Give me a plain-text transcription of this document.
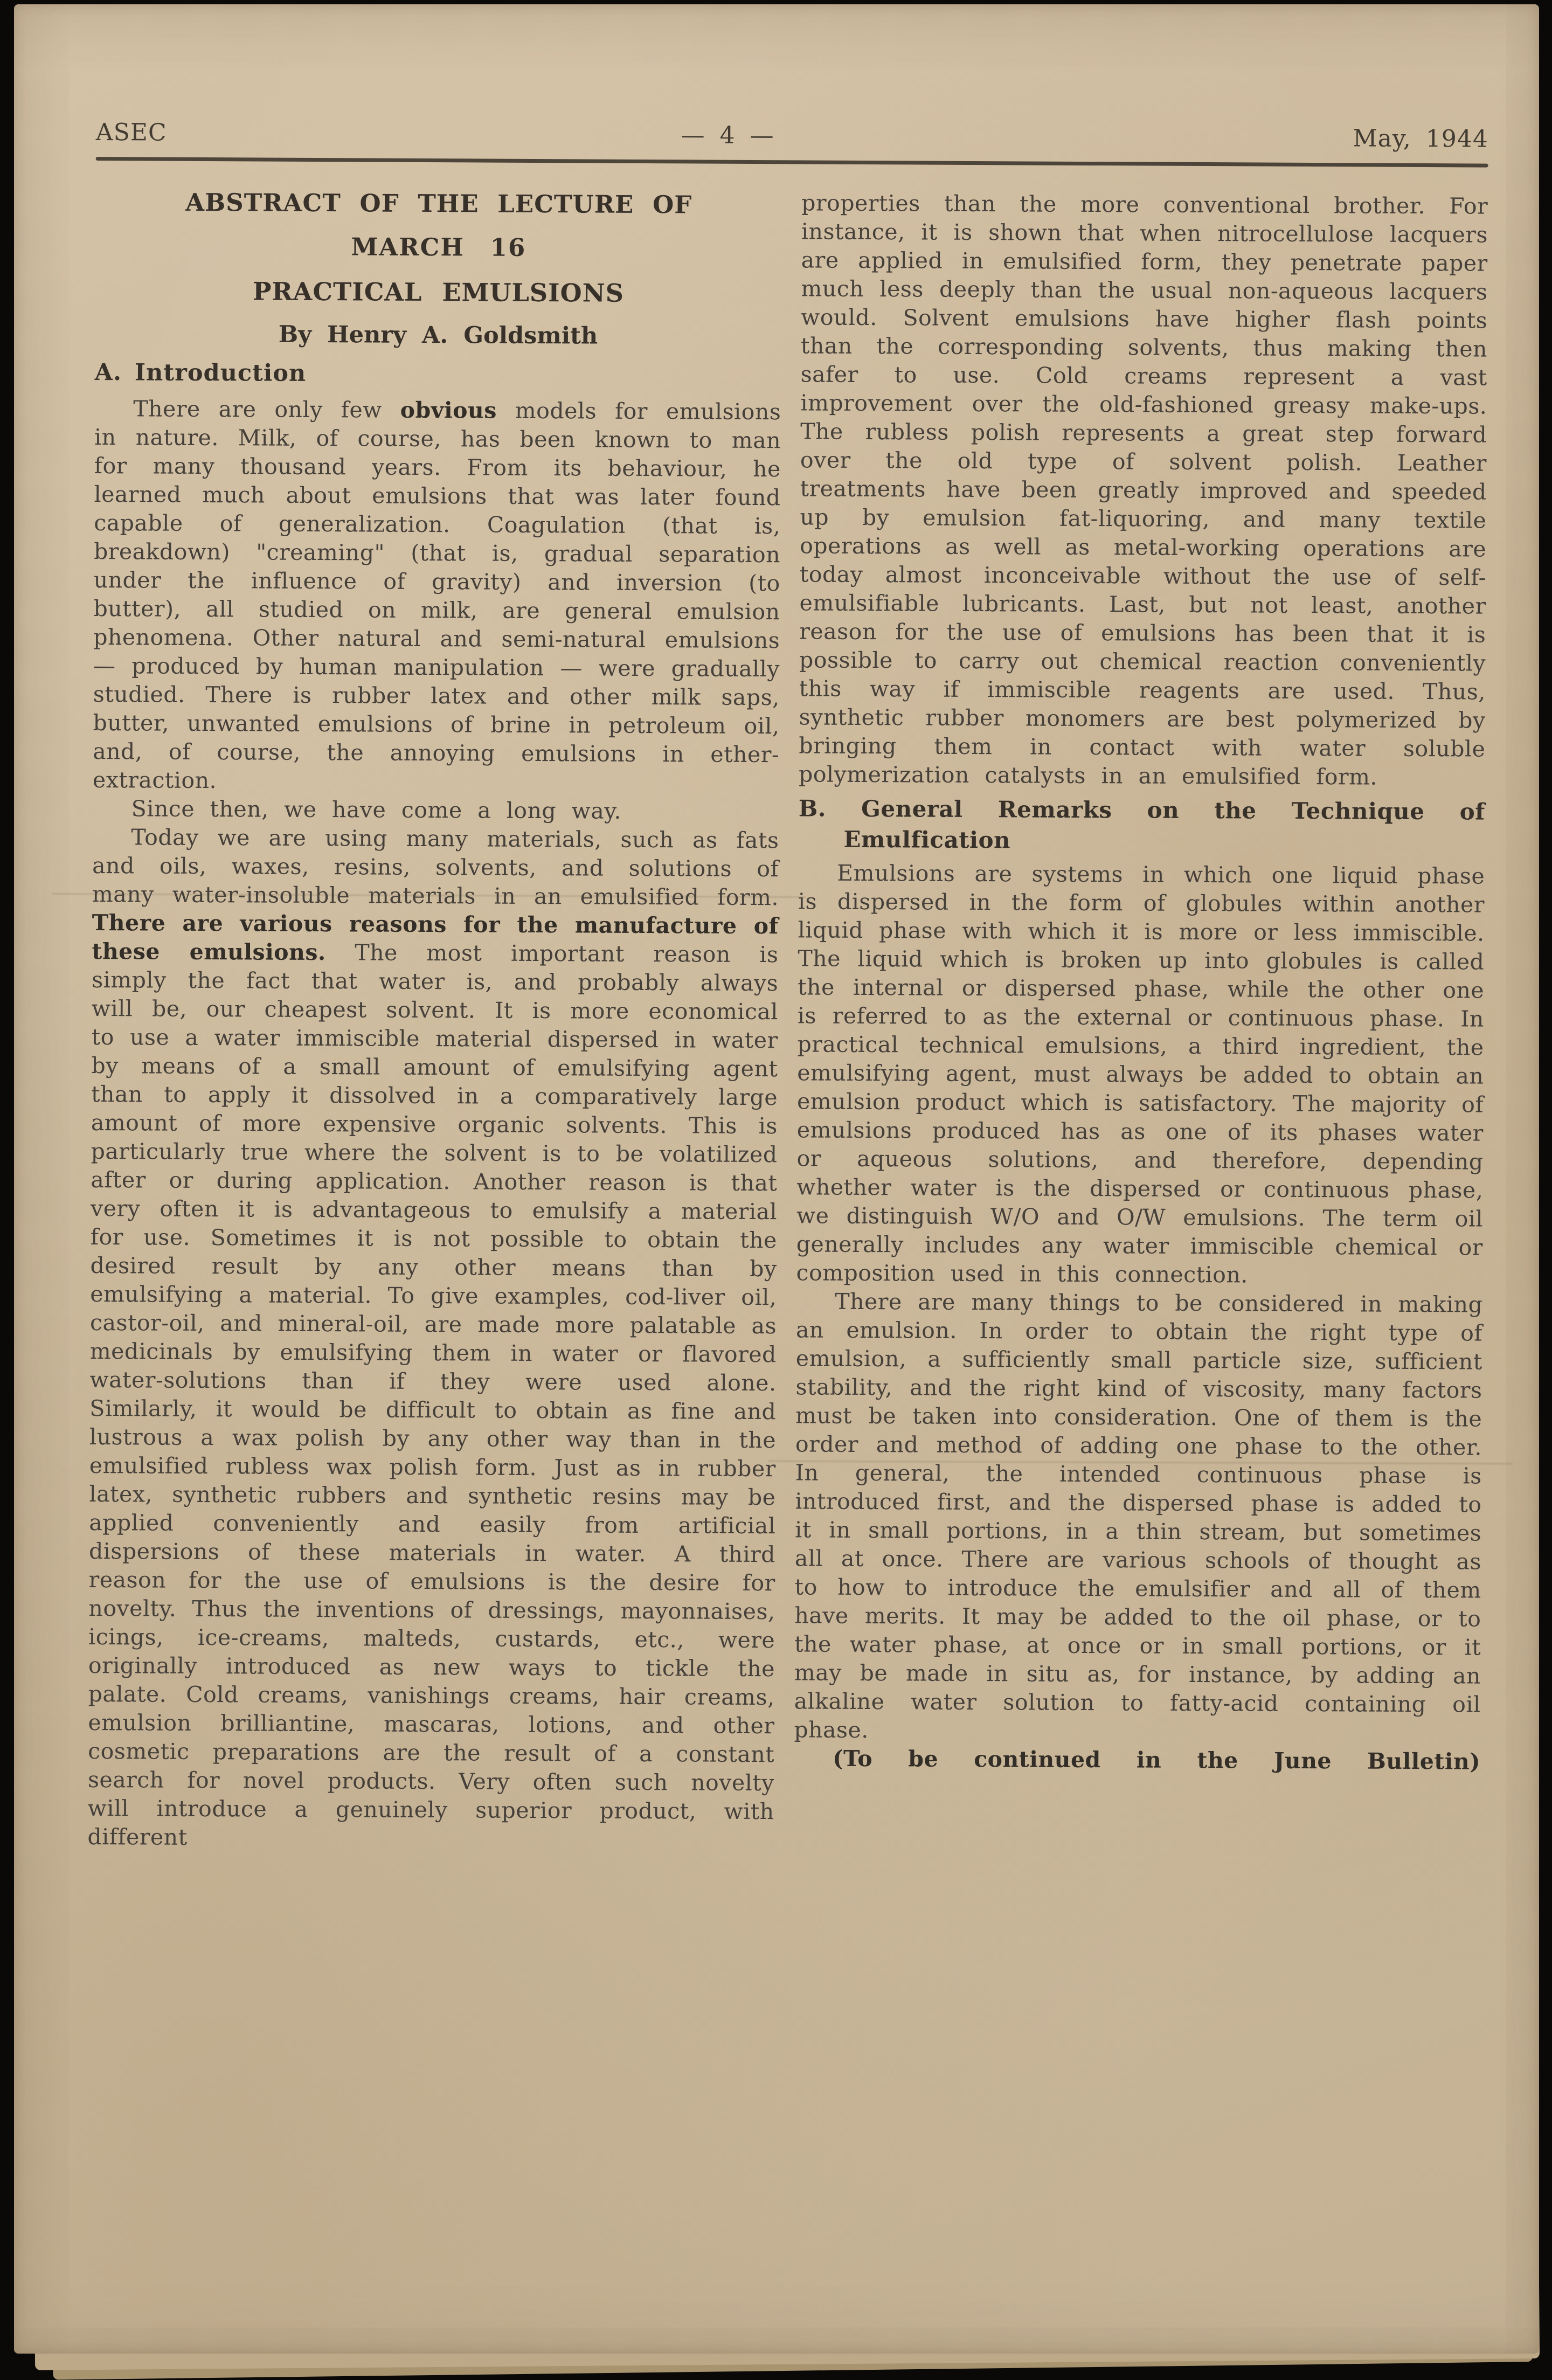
ASEC	— 4 —	May, 1944
ABSTRACT OF THE LECTURE OF
MARCH 16
PRACTICAL EMULSIONS
By Henry A. Goldsmith
A. Introduction

There are only few obvious models for emulsions in nature. Milk, of course, has been known to man for many thousand years. From its behaviour, he learned much about emulsions that was later found capable of generalization. Coagulation (that is, breakdown) "creaming" (that is, gradual separation under the influence of gravity) and inversion (to butter), all studied on milk, are general emulsion phenomena. Other natural and semi-natural emulsions — produced by human manipulation — were gradually studied. There is rubber latex and other milk saps, butter, unwanted emulsions of brine in petroleum oil, and, of course, the annoying emulsions in ether-extraction.

Since then, we have come a long way.

Today we are using many materials, such as fats and oils, waxes, resins, solvents, and solutions of many water-insoluble materials in an emulsified form. There are various reasons for the manufacture of these emulsions. The most important reason is simply the fact that water is, and probably always will be, our cheapest solvent. It is more economical to use a water immiscible material dispersed in water by means of a small amount of emulsifying agent than to apply it dissolved in a comparatively large amount of more expensive organic solvents. This is particularly true where the solvent is to be volatilized after or during application. Another reason is that very often it is advantageous to emulsify a material for use. Sometimes it is not possible to obtain the desired result by any other means than by emulsifying a material. To give examples, cod-liver oil, castor-oil, and mineral-oil, are made more palatable as medicinals by emulsifying them in water or flavored water-solutions than if they were used alone. Similarly, it would be difficult to obtain as fine and lustrous a wax polish by any other way than in the emulsified rubless wax polish form. Just as in rubber latex, synthetic rubbers and synthetic resins may be applied conveniently and easily from artificial dispersions of these materials in water. A third reason for the use of emulsions is the desire for novelty. Thus the inventions of dressings, mayonnaises, icings, ice-creams, malteds, custards, etc., were originally introduced as new ways to tickle the palate. Cold creams, vanishings creams, hair creams, emulsion brilliantine, mascaras, lotions, and other cosmetic preparations are the result of a constant search for novel products. Very often such novelty will introduce a genuinely superior product, with different

properties than the more conventional brother. For instance, it is shown that when nitrocellulose lacquers are applied in emulsified form, they penetrate paper much less deeply than the usual non-aqueous lacquers would. Solvent emulsions have higher flash points than the corresponding solvents, thus making then safer to use. Cold creams represent a vast improvement over the old-fashioned greasy make-ups. The rubless polish represents a great step forward over the old type of solvent polish. Leather treatments have been greatly improved and speeded up by emulsion fat-liquoring, and many textile operations as well as metal-working operations are today almost inconceivable without the use of self-emulsifiable lubricants. Last, but not least, another reason for the use of emulsions has been that it is possible to carry out chemical reaction conveniently this way if immiscible reagents are used. Thus, synthetic rubber monomers are best polymerized by bringing them in contact with water soluble polymerization catalysts in an emulsified form.

B. General Remarks on the Technique of
Emulfication

Emulsions are systems in which one liquid phase is dispersed in the form of globules within another liquid phase with which it is more or less immiscible. The liquid which is broken up into globules is called the internal or dispersed phase, while the other one is referred to as the external or continuous phase. In practical technical emulsions, a third ingredient, the emulsifying agent, must always be added to obtain an emulsion product which is satisfactory. The majority of emulsions produced has as one of its phases water or aqueous solutions, and therefore, depending whether water is the dispersed or continuous phase, we distinguish W/O and O/W emulsions. The term oil generally includes any water immiscible chemical or composition used in this connection.

There are many things to be considered in making an emulsion. In order to obtain the right type of emulsion, a sufficiently small particle size, sufficient stability, and the right kind of viscosity, many factors must be taken into consideration. One of them is the order and method of adding one phase to the other. In general, the intended continuous phase is introduced first, and the dispersed phase is added to it in small portions, in a thin stream, but sometimes all at once. There are various schools of thought as to how to introduce the emulsifier and all of them have merits. It may be added to the oil phase, or to the water phase, at once or in small portions, or it may be made in situ as, for instance, by adding an alkaline water solution to fatty-acid containing oil phase.

(To be continued in the June Bulletin)
